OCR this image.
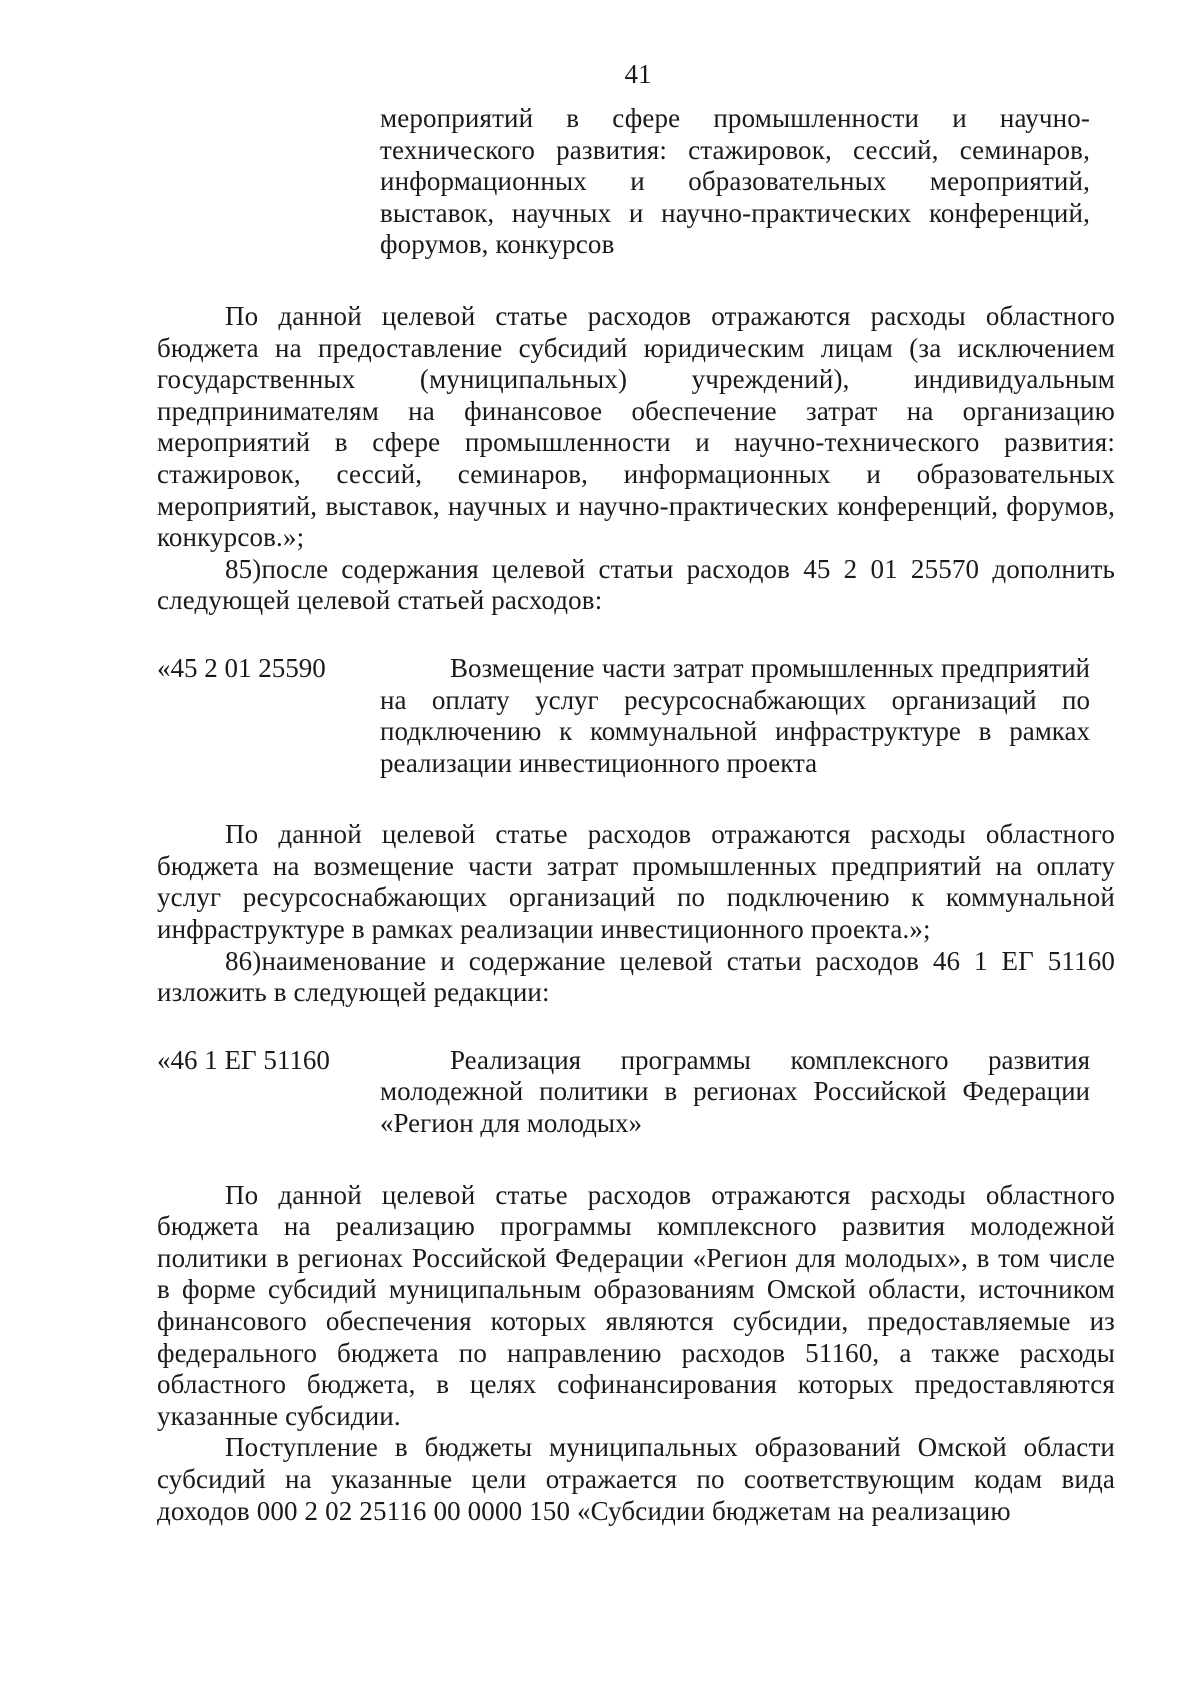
41

мероприятий в сфере промышленности и научно-технического развития: стажировок, сессий, семинаров, информационных и образовательных мероприятий, выставок, научных и научно-практических конференций, форумов, конкурсов

По данной целевой статье расходов отражаются расходы областного бюджета на предоставление субсидий юридическим лицам (за исключением государственных (муниципальных) учреждений), индивидуальным предпринимателям на финансовое обеспечение затрат на организацию мероприятий в сфере промышленности и научно-технического развития: стажировок, сессий, семинаров, информационных и образовательных мероприятий, выставок, научных и научно-практических конференций, форумов, конкурсов.»;

85)после содержания целевой статьи расходов 45 2 01 25570 дополнить следующей целевой статьей расходов:

«45 2 01 25590	Возмещение части затрат промышленных предприятий на оплату услуг ресурсоснабжающих организаций по подключению к коммунальной инфраструктуре в рамках реализации инвестиционного проекта

По данной целевой статье расходов отражаются расходы областного бюджета на возмещение части затрат промышленных предприятий на оплату услуг ресурсоснабжающих организаций по подключению к коммунальной инфраструктуре в рамках реализации инвестиционного проекта.»;

86)наименование и содержание целевой статьи расходов 46 1 ЕГ 51160 изложить в следующей редакции:

«46 1 ЕГ 51160	Реализация программы комплексного развития молодежной политики в регионах Российской Федерации «Регион для молодых»

По данной целевой статье расходов отражаются расходы областного бюджета на реализацию программы комплексного развития молодежной политики в регионах Российской Федерации «Регион для молодых», в том числе в форме субсидий муниципальным образованиям Омской области, источником финансового обеспечения которых являются субсидии, предоставляемые из федерального бюджета по направлению расходов 51160, а также расходы областного бюджета, в целях софинансирования которых предоставляются указанные субсидии.

Поступление в бюджеты муниципальных образований Омской области субсидий на указанные цели отражается по соответствующим кодам вида доходов 000 2 02 25116 00 0000 150 «Субсидии бюджетам на реализацию
